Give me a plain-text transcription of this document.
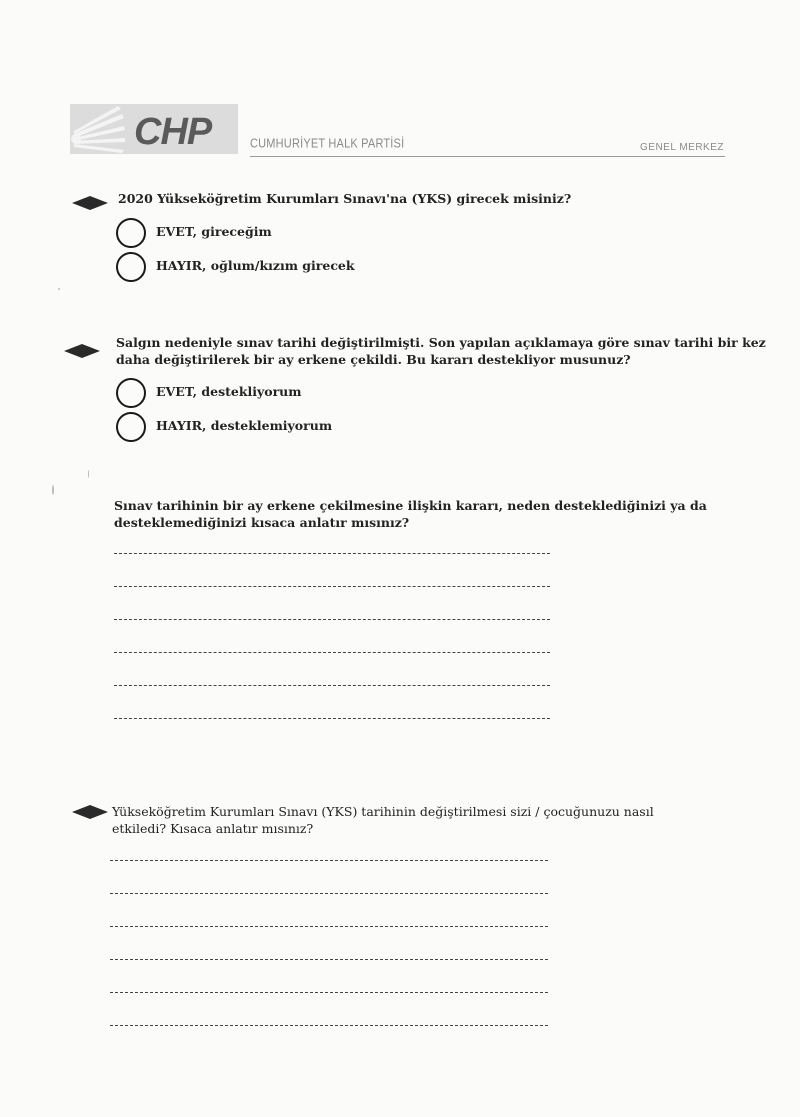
CHP	CUMHURİYET HALK PARTİSİ	GENEL MERKEZ
2020 Yükseköğretim Kurumları Sınavı'na (YKS) girecek misiniz?
EVET, gireceğim
HAYIR, oğlum/kızım girecek
Salgın nedeniyle sınav tarihi değiştirilmişti. Son yapılan açıklamaya göre sınav tarihi bir kez
daha değiştirilerek bir ay erkene çekildi. Bu kararı destekliyor musunuz?
EVET, destekliyorum
HAYIR, desteklemiyorum
Sınav tarihinin bir ay erkene çekilmesine ilişkin kararı, neden desteklediğinizi ya da
desteklemediğinizi kısaca anlatır mısınız?
Yükseköğretim Kurumları Sınavı (YKS) tarihinin değiştirilmesi sizi / çocuğunuzu nasıl
etkiledi? Kısaca anlatır mısınız?
